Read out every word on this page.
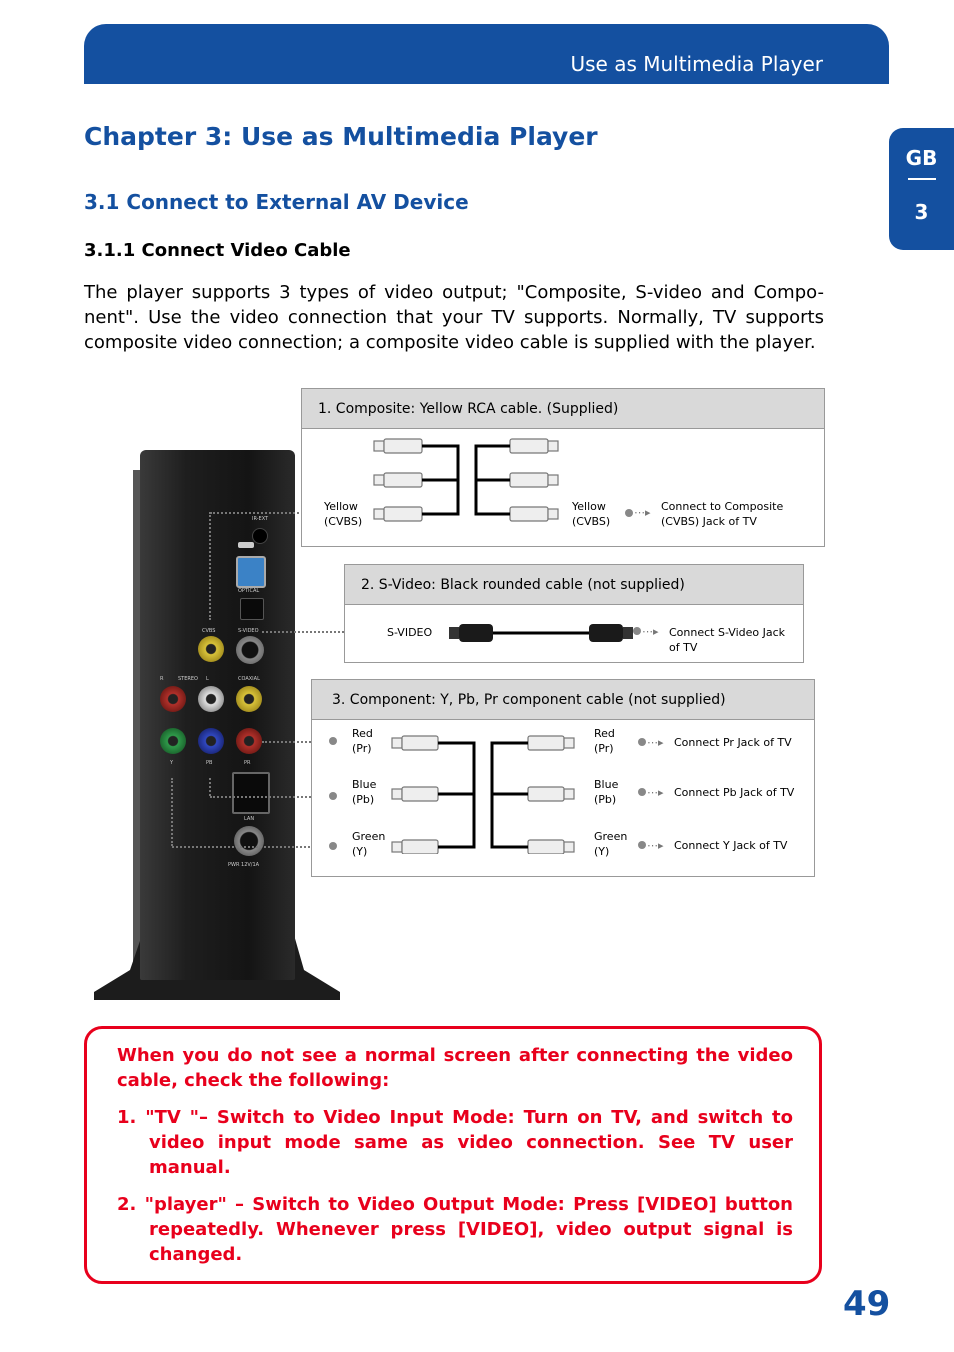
Use as Multimedia Player
GB
3
Chapter 3: Use as Multimedia Player
3.1 Connect to External AV Device
3.1.1 Connect Video Cable
The player supports 3 types of video output; "Composite, S-video and Compo-nent". Use the video connection that your TV supports. Normally, TV supports composite video connection; a composite video cable is supplied with the player.
IR-EXT
OPTICAL
CVBS	S-VIDEO
R	STEREO L	COAXIAL
Y	PB	PR
LAN
PWR 12V/1A
1. Composite: Yellow RCA cable. (Supplied)
Yellow
(CVBS)
Yellow
(CVBS)
⋯▸ Connect to Composite
(CVBS) Jack of TV
2. S-Video: Black rounded cable (not supplied)
S-VIDEO	⋯▸ Connect S-Video Jack
of TV
3. Component: Y, Pb, Pr component cable (not supplied)
Red
(Pr)
Blue
(Pb)
Green
(Y)
Red
(Pr)
Blue
(Pb)
Green
(Y)
⋯▸ Connect Pr Jack of TV
⋯▸ Connect Pb Jack of TV
⋯▸ Connect Y Jack of TV
When you do not see a normal screen after connecting the video cable, check the following:
1. "TV "– Switch to Video Input Mode: Turn on TV, and switch to video input mode same as video connection. See TV user manual.
2. "player" – Switch to Video Output Mode: Press [VIDEO] button repeatedly. Whenever press [VIDEO], video output signal is changed.
49
